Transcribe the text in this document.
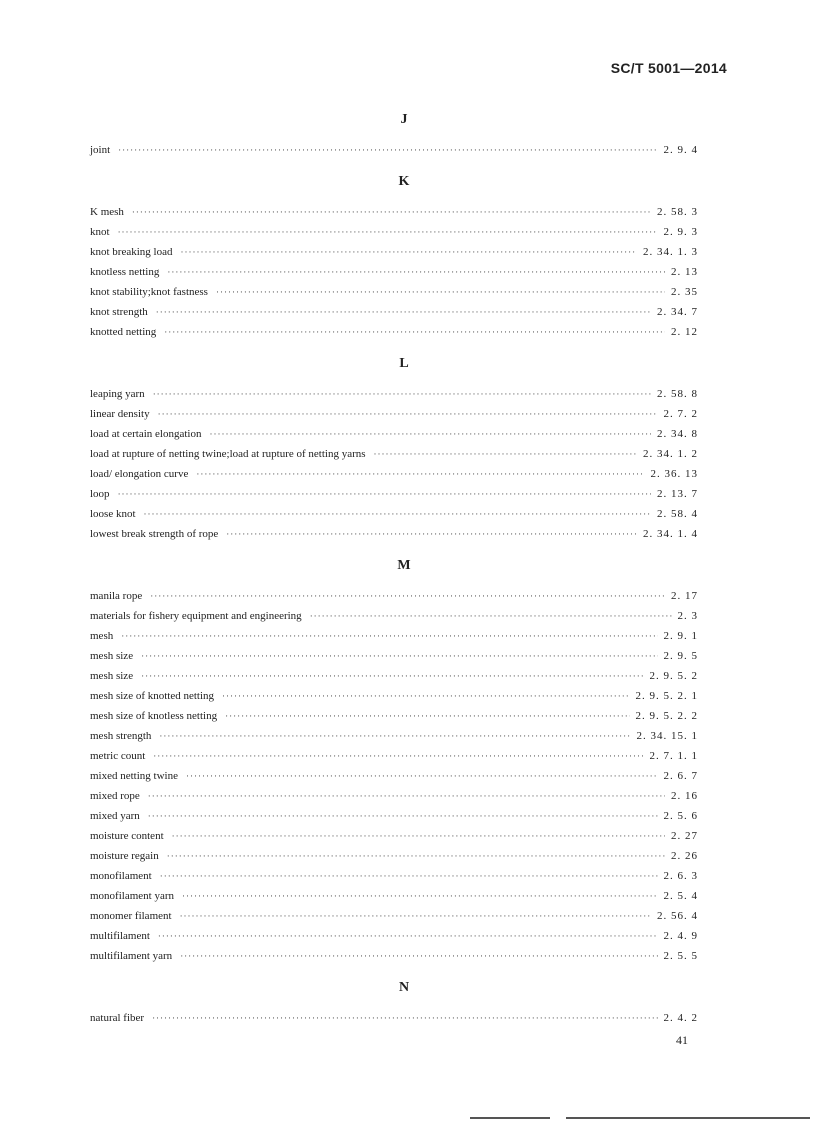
SC/T 5001—2014
J
joint ·····	2. 9. 4
K
K mesh ·····	2. 58. 3
knot ·····	2. 9. 3
knot breaking load ·····	2. 34. 1. 3
knotless netting ·····	2. 13
knot stability;knot fastness ·····	2. 35
knot strength ·····	2. 34. 7
knotted netting ·····	2. 12
L
leaping yarn ·····	2. 58. 8
linear density ·····	2. 7. 2
load at certain elongation ·····	2. 34. 8
load at rupture of netting twine;load at rupture of netting yarns ·····	2. 34. 1. 2
load/ elongation curve ·····	2. 36. 13
loop ·····	2. 13. 7
loose knot ·····	2. 58. 4
lowest break strength of rope ·····	2. 34. 1. 4
M
manila rope ·····	2. 17
materials for fishery equipment and engineering ·····	2. 3
mesh ·····	2. 9. 1
mesh size ·····	2. 9. 5
mesh size ·····	2. 9. 5. 2
mesh size of knotted netting ·····	2. 9. 5. 2. 1
mesh size of knotless netting ·····	2. 9. 5. 2. 2
mesh strength ·····	2. 34. 15. 1
metric count ·····	2. 7. 1. 1
mixed netting twine ·····	2. 6. 7
mixed rope ·····	2. 16
mixed yarn ·····	2. 5. 6
moisture content ·····	2. 27
moisture regain ·····	2. 26
monofilament ·····	2. 6. 3
monofilament yarn ·····	2. 5. 4
monomer filament ·····	2. 56. 4
multifilament ·····	2. 4. 9
multifilament yarn ·····	2. 5. 5
N
natural fiber ·····	2. 4. 2
41
